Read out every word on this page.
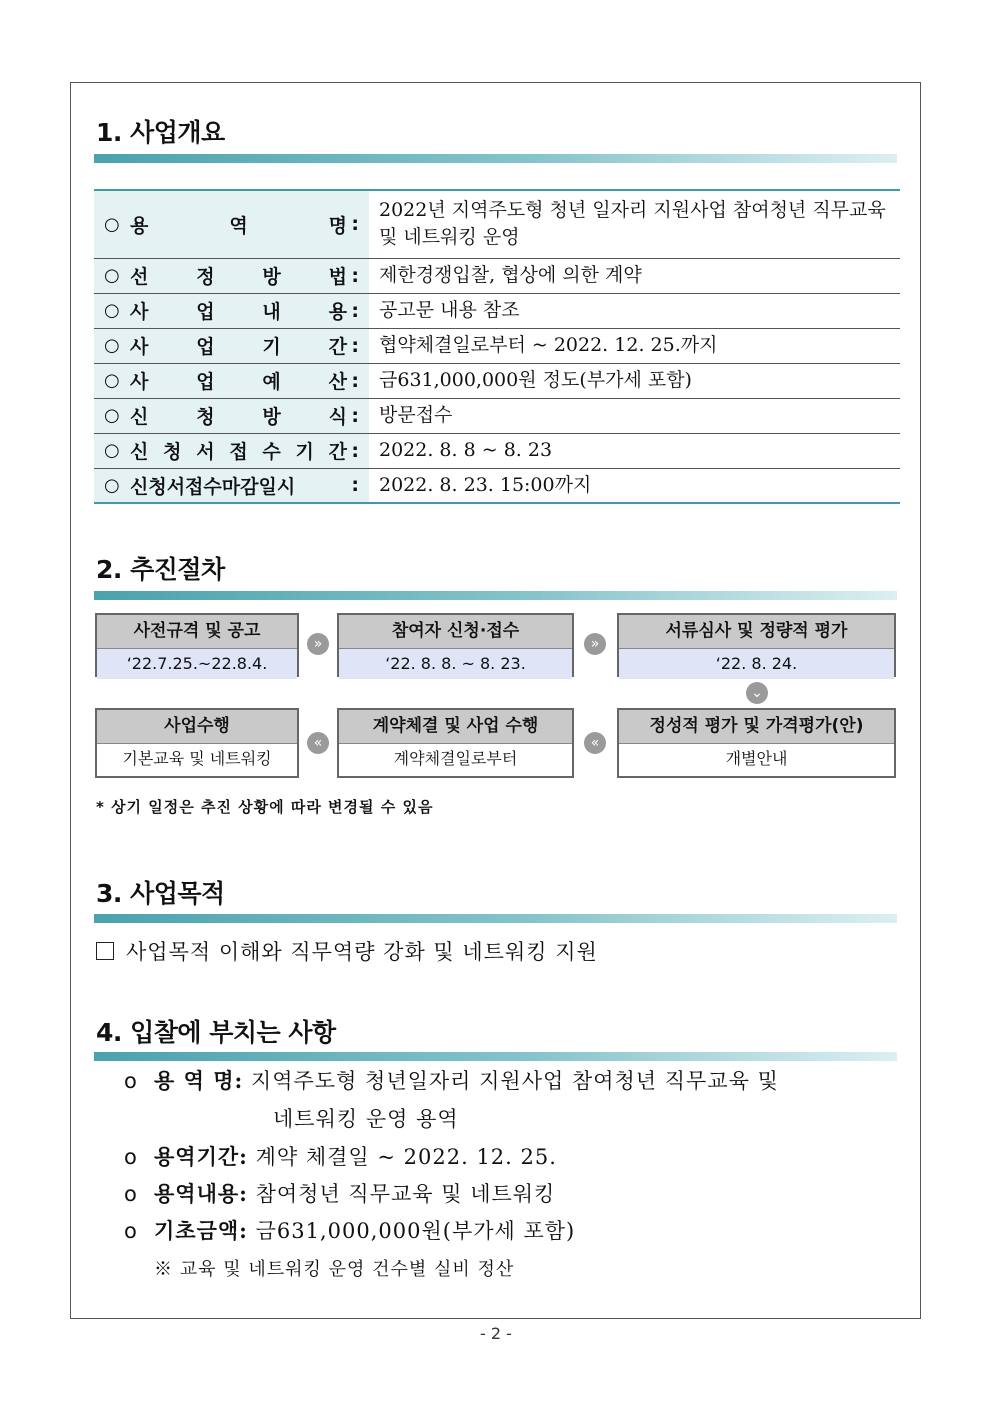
1. 사업개요
○ 용 역 명 :	2022년 지역주도형 청년 일자리 지원사업 참여청년 직무교육 및 네트워킹 운영

○ 선 정 방 법 :	제한경쟁입찰, 협상에 의한 계약

○ 사 업 내 용 :	공고문 내용 참조

○ 사 업 기 간 :	협약체결일로부터 ~ 2022. 12. 25.까지

○ 사 업 예 산 :	금631,000,000원 정도(부가세 포함)

○ 신 청 방 식 :	방문접수

○ 신 청 서 접 수 기 간 :	2022. 8. 8 ~ 8. 23

○ 신청서접수마감일시 :	2022. 8. 23. 15:00까지
2. 추진절차
사전규격 및 공고
‘22.7.25.~22.8.4.
»
참여자 신청·접수
‘22. 8. 8. ~ 8. 23.
»
서류심사 및 정량적 평가
‘22. 8. 24.
⌄
사업수행
기본교육 및 네트워킹
«
계약체결 및 사업 수행
계약체결일로부터
«
정성적 평가 및 가격평가(안)
개별안내
* 상기 일정은 추진 상황에 따라 변경될 수 있음
3. 사업목적
사업목적 이해와 직무역량 강화 및 네트워킹 지원
4. 입찰에 부치는 사항
o 용 역 명: 지역주도형 청년일자리 지원사업 참여청년 직무교육 및
네트워킹 운영 용역
o 용역기간: 계약 체결일 ~ 2022. 12. 25.
o 용역내용: 참여청년 직무교육 및 네트워킹
o 기초금액: 금631,000,000원(부가세 포함)
※ 교육 및 네트워킹 운영 건수별 실비 정산
- 2 -
